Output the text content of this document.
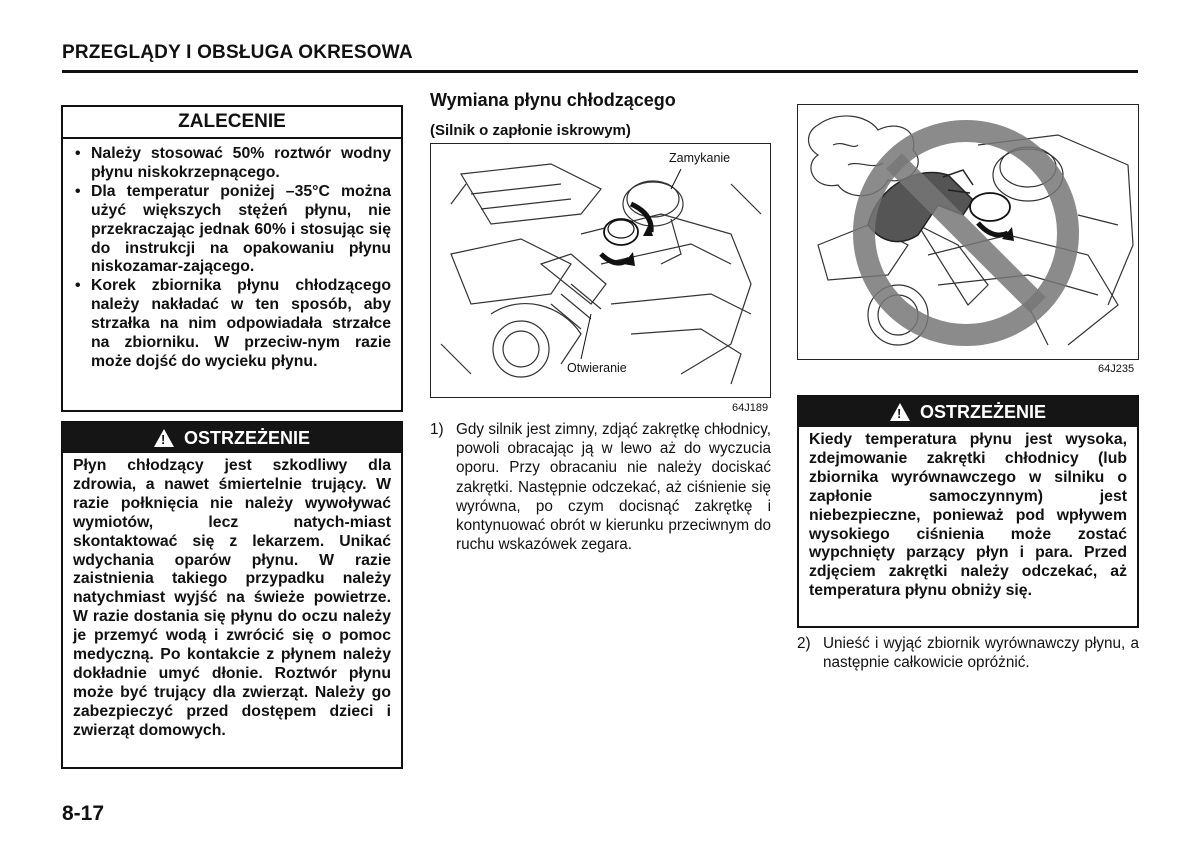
PRZEGLĄDY I OBSŁUGA OKRESOWA
ZALECENIE
• Należy stosować 50% roztwór wodny płynu niskokrzepnącego.
• Dla temperatur poniżej –35°C można użyć większych stężeń płynu, nie przekraczając jednak 60% i stosując się do instrukcji na opakowaniu płynu niskozamar-zającego.
• Korek zbiornika płynu chłodzącego należy nakładać w ten sposób, aby strzałka na nim odpowiadała strzałce na zbiorniku. W przeciw-nym razie może dojść do wycieku płynu.
! OSTRZEŻENIE
Płyn chłodzący jest szkodliwy dla zdrowia, a nawet śmiertelnie trujący. W razie połknięcia nie należy wywoływać wymiotów, lecz natych-miast skontaktować się z lekarzem. Unikać wdychania oparów płynu. W razie zaistnienia takiego przypadku należy natychmiast wyjść na świeże powietrze. W razie dostania się płynu do oczu należy je przemyć wodą i zwrócić się o pomoc medyczną. Po kontakcie z płynem należy dokładnie umyć dłonie. Roztwór płynu może być trujący dla zwierząt. Należy go zabezpieczyć przed dostępem dzieci i zwierząt domowych.
Wymiana płynu chłodzącego
(Silnik o zapłonie iskrowym)
Zamykanie
Otwieranie
64J189
64J235
1) Gdy silnik jest zimny, zdjąć zakrętkę chłodnicy, powoli obracając ją w lewo aż do wyczucia oporu. Przy obracaniu nie należy dociskać zakrętki. Następnie odczekać, aż ciśnienie się wyrówna, po czym docisnąć zakrętkę i kontynuować obrót w kierunku przeciwnym do ruchu wskazówek zegara.
! OSTRZEŻENIE
Kiedy temperatura płynu jest wysoka, zdejmowanie zakrętki chłodnicy (lub zbiornika wyrównawczego w silniku o zapłonie samoczynnym) jest niebezpieczne, ponieważ pod wpływem wysokiego ciśnienia może zostać wypchnięty parzący płyn i para. Przed zdjęciem zakrętki należy odczekać, aż temperatura płynu obniży się.
2) Unieść i wyjąć zbiornik wyrównawczy płynu, a następnie całkowicie opróżnić.
8-17
